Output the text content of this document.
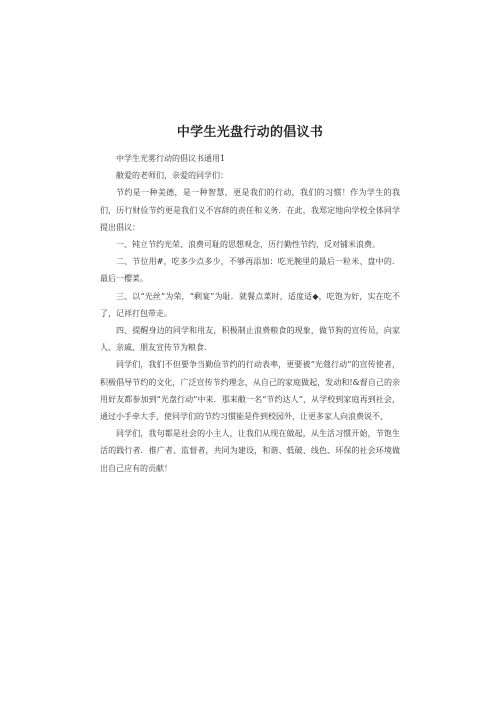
中学生光盘行动的倡议书

中学生光雾行动的倡议书通用1

敝爱的老师们，亲爱的同学们：

节约是一种美德，是一种智慧，更是我们的行动，我们的习惯！作为学生的我们，历行财俭节约更是我们义不容辞的责任和义务．在此，我郑定地向学校全体同学提出倡议：

一、钝立节约光荣、浪费可耻的思想观念，历行勤性节约，反对铺米浪费。

二、节位用#，吃多少点多少，不够再添加：吃光腕里的最后一粒米、盘中的．最后一樱菜。

三、以“光丝”为荣，“剩宴”为耻．就餐点菜时，适度适◆，吃饱为好，实在吃不了，记祥打包带走。

四、提醒身边的同学和用友，积极制止浪费粮食的现象，做节狗的宣传员，向家人、亲戚、朋友宣传节为粮食．

同学们，我们不但要争当勤俭节约的行动表率，更要被“光蔻行动”的宣传使者，积极倡导节约的文化，广泛宣传节约理念，从自己的家庭做起，发动和!&督自己的亲用好友都参加到“光盘行动”中来．那来敝一名“节约达人”，从学校到家庭再到社会，通过小手牵大手，使同学们的节约习惯能是件到校园外，让更多家人向浪费说不，

同学们，我句都是社会的小主人，让我们从现在做起，从生活习惯开始，节饱生活的践行者．推广者、监督者，共同为建设，和谐、低破、线色、环保的社会环境做出自己应有的贡献！
